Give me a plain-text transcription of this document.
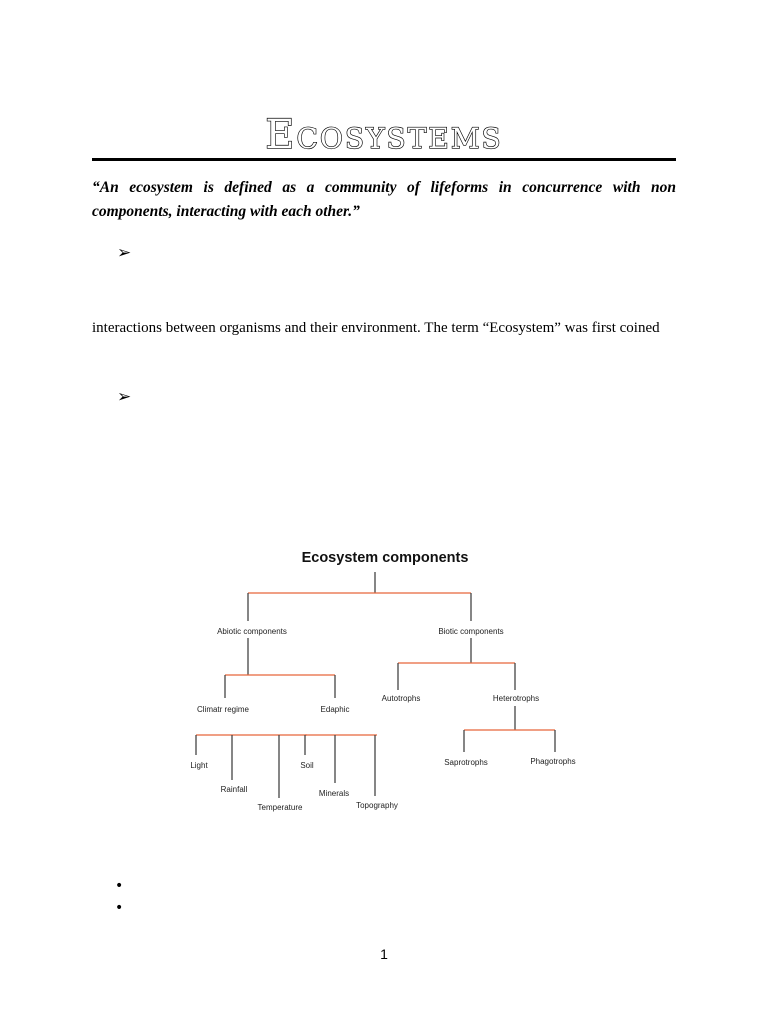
Ecosystems
“An ecosystem is defined as a community of lifeforms in concurrence with non components, interacting with each other.”
➢
interactions between organisms and their environment. The term “Ecosystem” was first coined
➢
Ecosystem components
Abiotic components	Biotic components
Climatr regime	Edaphic
Autotrophs	Heterotrophs
Light
Rainfall
Temperature
Soil
Minerals
Topography
Saprotrophs	Phagotrophs
•
•
1
